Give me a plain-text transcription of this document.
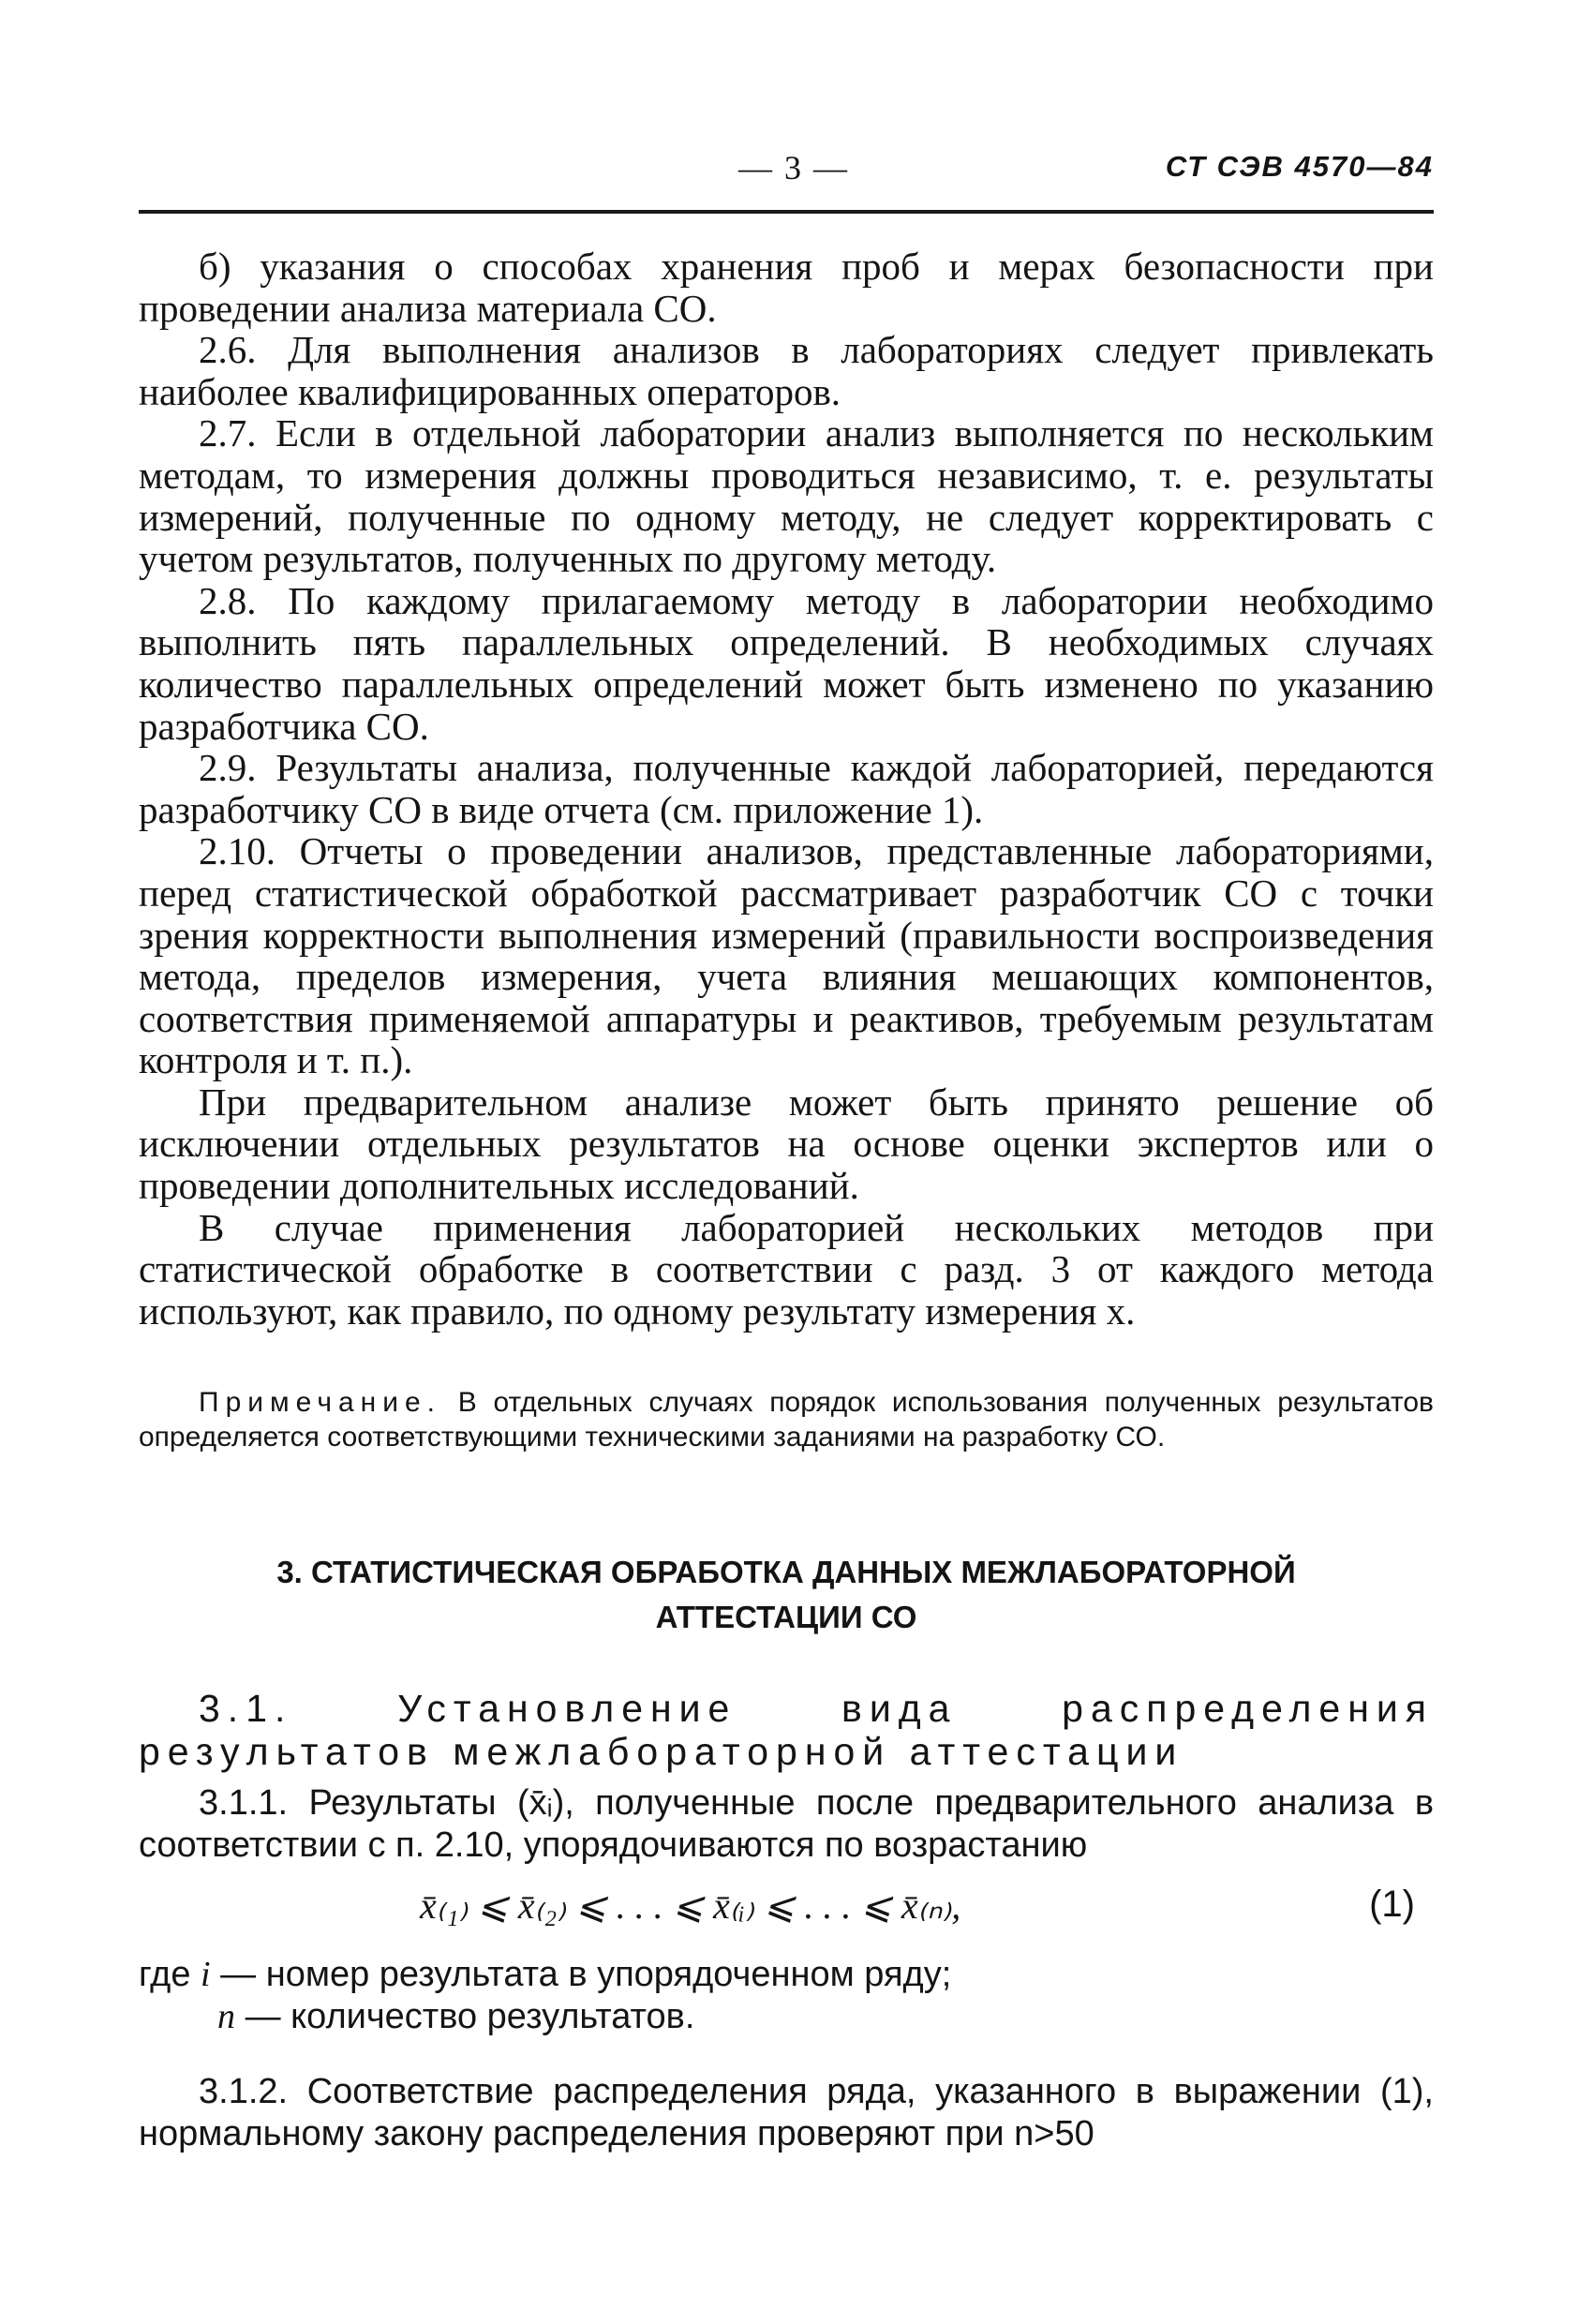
— 3 —	СТ СЭВ 4570—84

б) указания о способах хранения проб и мерах безопасности при проведении анализа материала СО.

2.6. Для выполнения анализов в лабораториях следует привлекать наиболее квалифицированных операторов.

2.7. Если в отдельной лаборатории анализ выполняется по нескольким методам, то измерения должны проводиться независимо, т. е. результаты измерений, полученные по одному методу, не следует корректировать с учетом результатов, полученных по другому методу.

2.8. По каждому прилагаемому методу в лаборатории необходимо выполнить пять параллельных определений. В необходимых случаях количество параллельных определений может быть изменено по указанию разработчика СО.

2.9. Результаты анализа, полученные каждой лабораторией, передаются разработчику СО в виде отчета (см. приложение 1).

2.10. Отчеты о проведении анализов, представленные лабораториями, перед статистической обработкой рассматривает разработчик СО с точки зрения корректности выполнения измерений (правильности воспроизведения метода, пределов измерения, учета влияния мешающих компонентов, соответствия применяемой аппаратуры и реактивов, требуемым результатам контроля и т. п.).

При предварительном анализе может быть принято решение об исключении отдельных результатов на основе оценки экспертов или о проведении дополнительных исследований.

В случае применения лабораторией нескольких методов при статистической обработке в соответствии с разд. 3 от каждого метода используют, как правило, по одному результату измерения x.

Примечание. В отдельных случаях порядок использования полученных результатов определяется соответствующими техническими заданиями на разработку СО.

3. СТАТИСТИЧЕСКАЯ ОБРАБОТКА ДАННЫХ МЕЖЛАБОРАТОРНОЙ
АТТЕСТАЦИИ СО

3.1. Установление вида распределения результатов межлабораторной аттестации

3.1.1. Результаты (x̄ᵢ), полученные после предварительного анализа в соответствии с п. 2.10, упорядочиваются по возрастанию

x̄₍₁₎ ⩽ x̄₍₂₎ ⩽ . . . ⩽ x̄₍ᵢ₎ ⩽ . . . ⩽ x̄₍ₙ₎,	(1)

где i — номер результата в упорядоченном ряду;

n — количество результатов.

3.1.2. Соответствие распределения ряда, указанного в выражении (1), нормальному закону распределения проверяют при n>50
